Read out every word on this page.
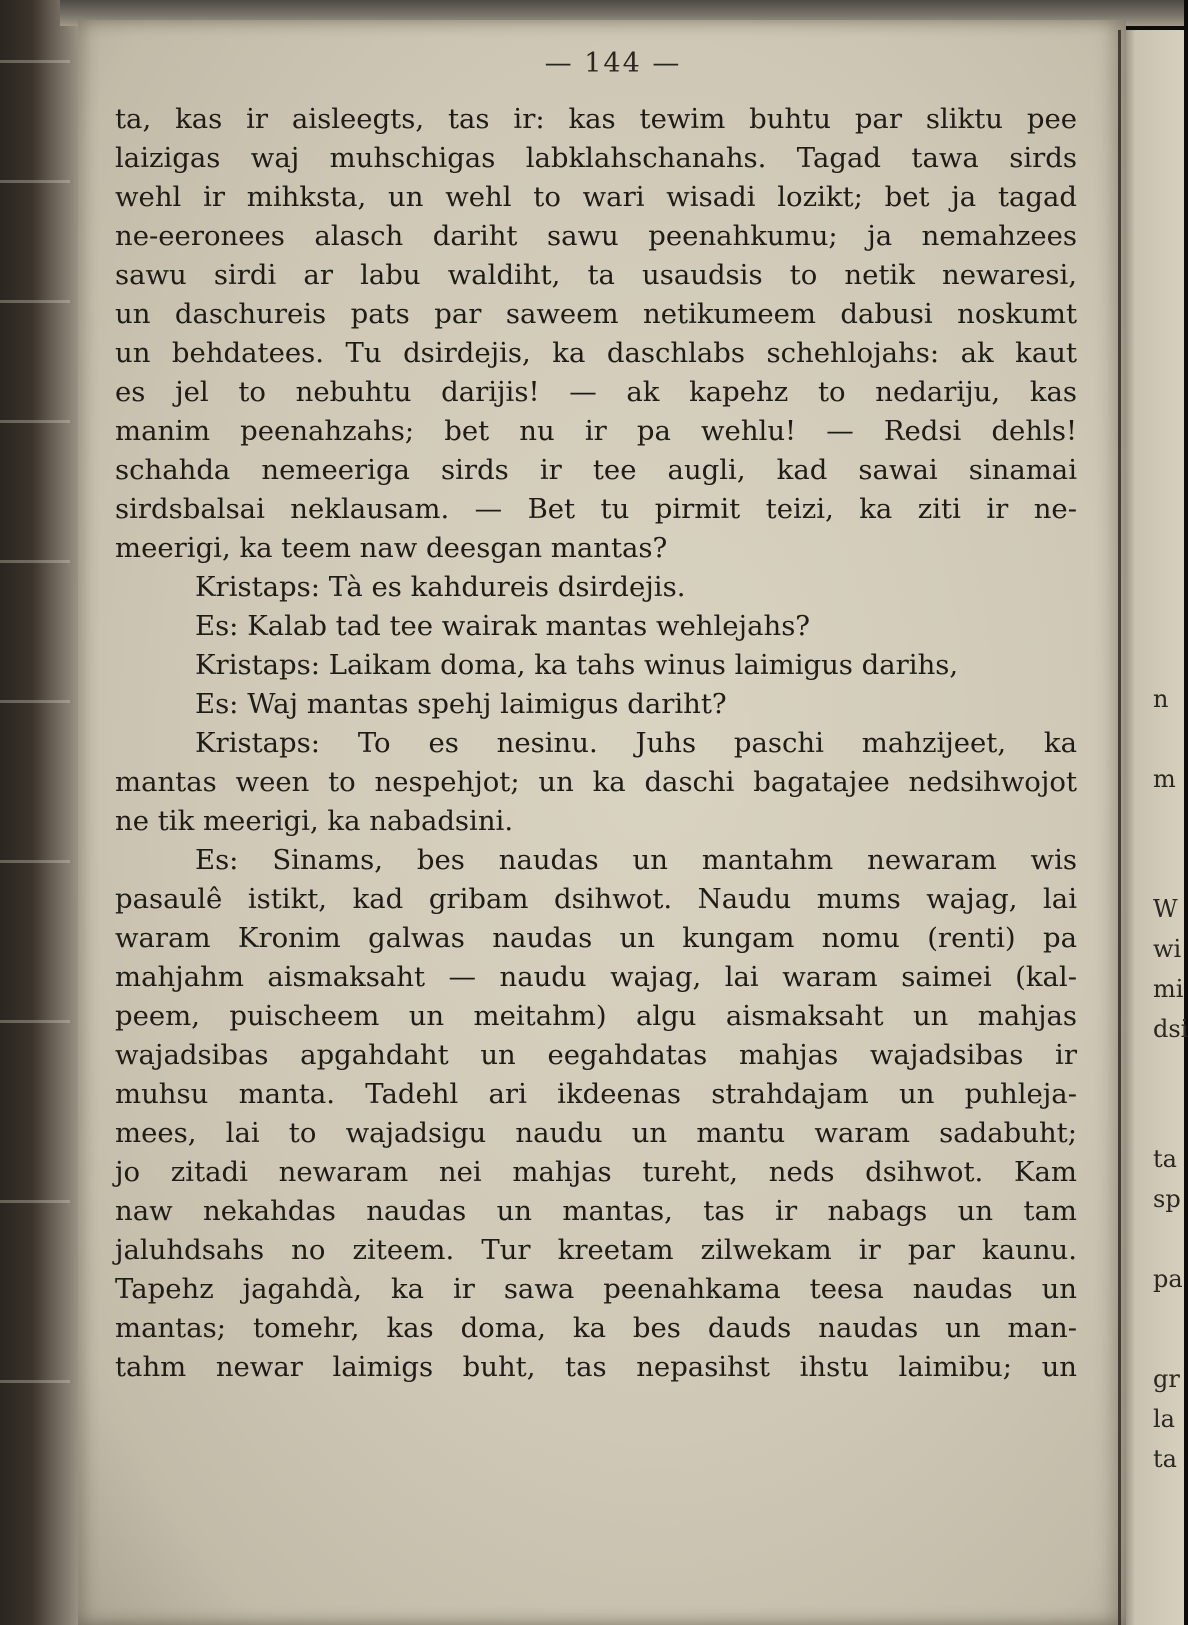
n
m
W
wi
mi
dsi
ta
sp
pa
gr
la
ta
— 144 —
ta, kas ir aisleegts, tas ir: kas tewim buhtu par sliktu pee
laizigas waj muhschigas labklahschanahs. Tagad tawa sirds
wehl ir mihksta, un wehl to wari wisadi lozikt; bet ja tagad
ne-eeronees alasch dariht sawu peenahkumu; ja nemahzees
sawu sirdi ar labu waldiht, ta usaudsis to netik newaresi,
un daschureis pats par saweem netikumeem dabusi noskumt
un behdatees. Tu dsirdejis, ka daschlabs schehlojahs: ak kaut
es jel to nebuhtu darijis! — ak kapehz to nedariju, kas
manim peenahzahs; bet nu ir pa wehlu! — Redsi dehls!
schahda nemeeriga sirds ir tee augli, kad sawai sinamai
sirdsbalsai neklausam. — Bet tu pirmit teizi, ka ziti ir ne-
meerigi, ka teem naw deesgan mantas?
Kristaps: Tà es kahdureis dsirdejis.
Es: Kalab tad tee wairak mantas wehlejahs?
Kristaps: Laikam doma, ka tahs winus laimigus darihs,
Es: Waj mantas spehj laimigus dariht?
Kristaps: To es nesinu. Juhs paschi mahzijeet, ka
mantas ween to nespehjot; un ka daschi bagatajee nedsihwojot
ne tik meerigi, ka nabadsini.
Es: Sinams, bes naudas un mantahm newaram wis
pasaulê istikt, kad gribam dsihwot. Naudu mums wajag, lai
waram Kronim galwas naudas un kungam nomu (renti) pa
mahjahm aismaksaht — naudu wajag, lai waram saimei (kal-
peem, puischeem un meitahm) algu aismaksaht un mahjas
wajadsibas apgahdaht un eegahdatas mahjas wajadsibas ir
muhsu manta. Tadehl ari ikdeenas strahdajam un puhleja-
mees, lai to wajadsigu naudu un mantu waram sadabuht;
jo zitadi newaram nei mahjas tureht, neds dsihwot. Kam
naw nekahdas naudas un mantas, tas ir nabags un tam
jaluhdsahs no ziteem. Tur kreetam zilwekam ir par kaunu.
Tapehz jagahdà, ka ir sawa peenahkama teesa naudas un
mantas; tomehr, kas doma, ka bes dauds naudas un man-
tahm newar laimigs buht, tas nepasihst ihstu laimibu; un
